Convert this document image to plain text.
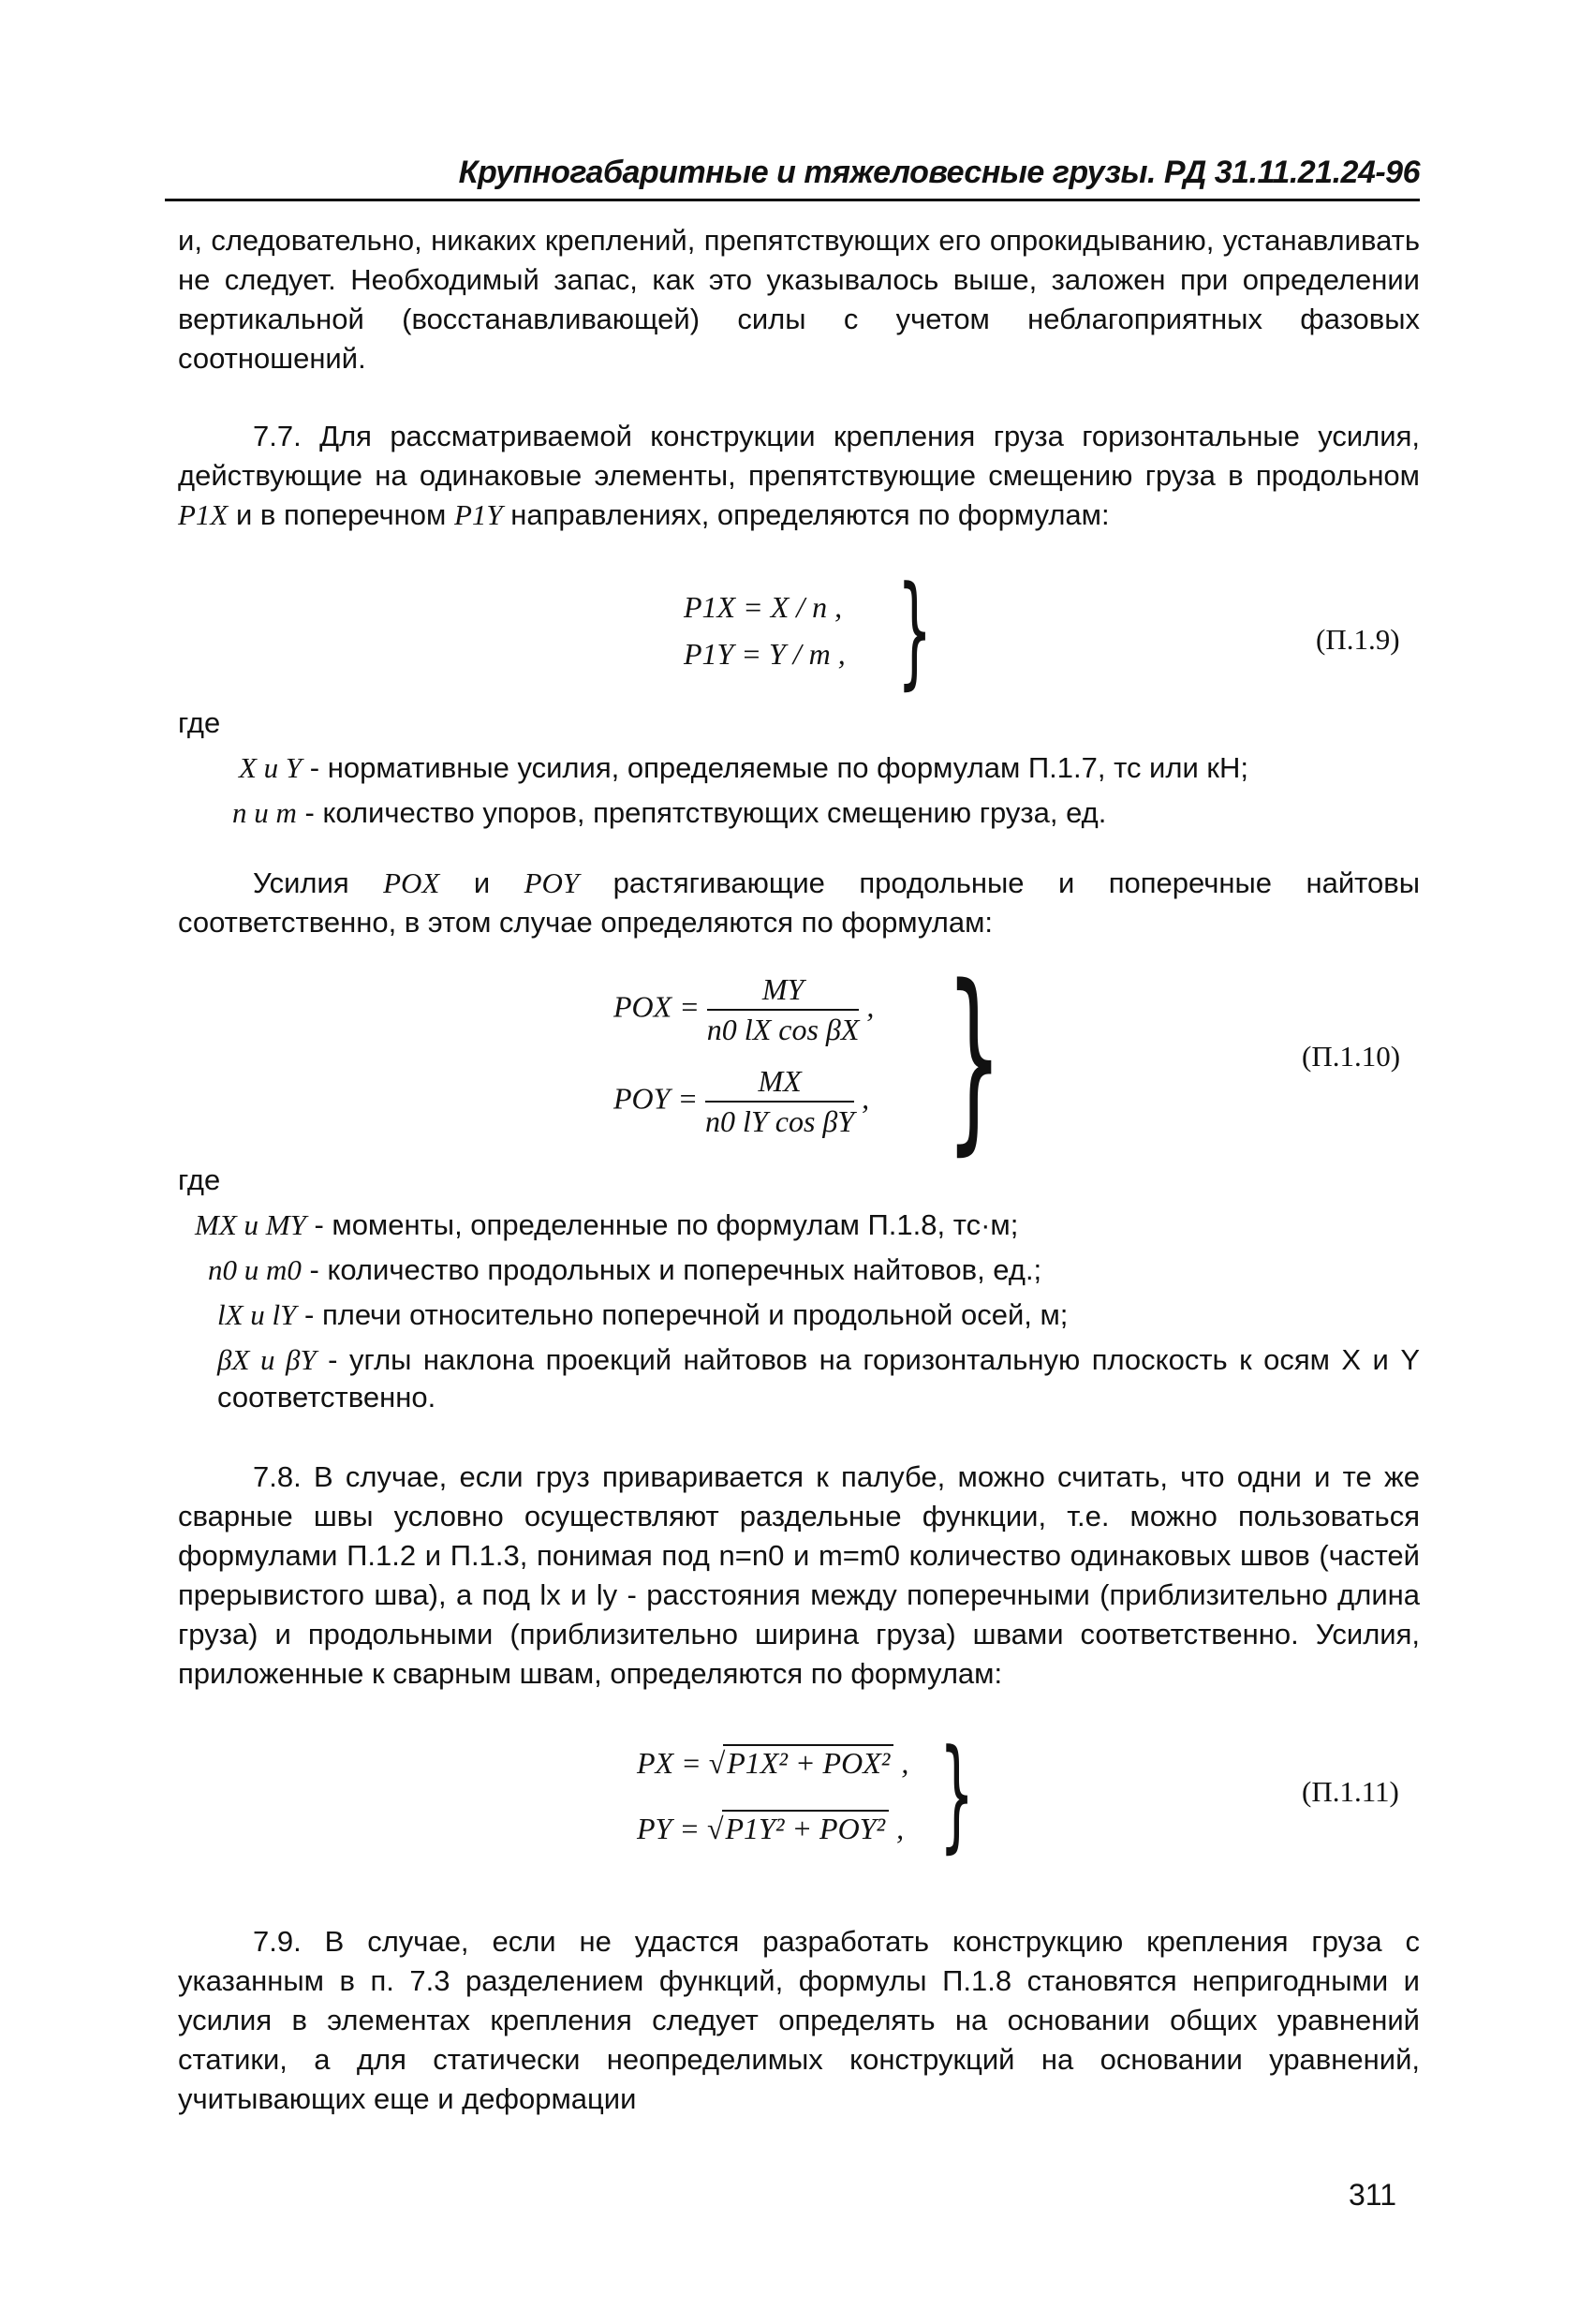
Крупногабаритные и тяжеловесные грузы. РД 31.11.21.24-96
и, следовательно, никаких креплений, препятствующих его опрокидыванию, устанавливать не следует. Необходимый запас, как это указывалось выше, заложен при определении вертикальной (восстанавливающей) силы с учетом неблагоприятных фазовых соотношений.
7.7. Для рассматриваемой конструкции крепления груза горизонтальные усилия, действующие на одинаковые элементы, препятствующие смещению груза в продольном P1X и в поперечном P1Y направлениях, определяются по формулам:
P1X = X / n ,
P1Y = Y / m , }	(П.1.9)
где
X и Y - нормативные усилия, определяемые по формулам П.1.7, тс или кН;
n и m - количество упоров, препятствующих смещению груза, ед.
Усилия POX и POY растягивающие продольные и поперечные найтовы соответственно, в этом случае определяются по формулам:
POX = $\frac{MY}{\text{n0 lX cos βX}}$ ,
POY = $\frac{MX}{\text{n0 lY cos βY}}$ , }	(П.1.10)
где
MX и MY - моменты, определенные по формулам П.1.8, тс·м;
n0 и m0 - количество продольных и поперечных найтовов, ед.;
lX и lY - плечи относительно поперечной и продольной осей, м;
βX и βY - углы наклона проекций найтовов на горизонтальную плоскость к осям X и Y соответственно.
7.8. В случае, если груз приваривается к палубе, можно считать, что одни и те же сварные швы условно осуществляют раздельные функции, т.е. можно пользоваться формулами П.1.2 и П.1.3, понимая под n=n0 и m=m0 количество одинаковых швов (частей прерывистого шва), а под lx и ly - расстояния между поперечными (приблизительно длина груза) и продольными (приблизительно ширина груза) швами соответственно. Усилия, приложенные к сварным швам, определяются по формулам:
PX = √P1X² + POX² ,
PY = √P1Y² + POY² , }	(П.1.11)
7.9. В случае, если не удастся разработать конструкцию крепления груза с указанным в п. 7.3 разделением функций, формулы П.1.8 становятся непригодными и усилия в элементах крепления следует определять на основании общих уравнений статики, а для статически неопределимых конструкций на основании уравнений, учитывающих еще и деформации
311
